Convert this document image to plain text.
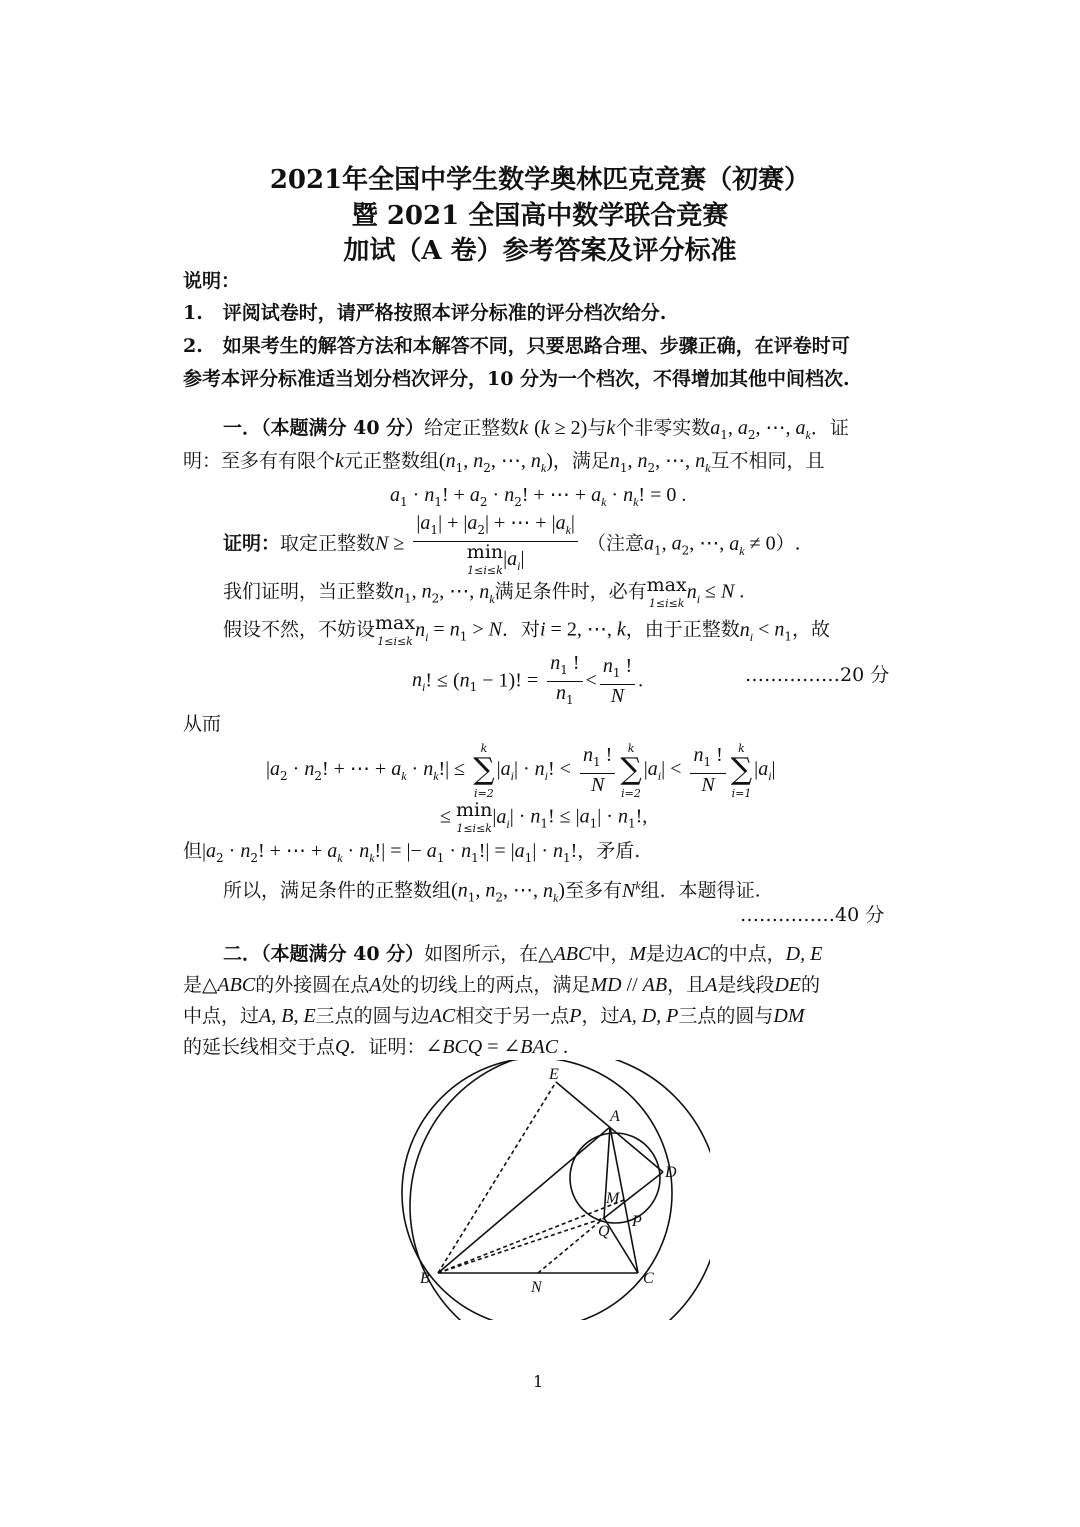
2021年全国中学生数学奥林匹克竞赛（初赛）
暨 2021 全国高中数学联合竞赛
加试（A 卷）参考答案及评分标准
说明：
1. 评阅试卷时，请严格按照本评分标准的评分档次给分.
2. 如果考生的解答方法和本解答不同，只要思路合理、步骤正确，在评卷时可
参考本评分标准适当划分档次评分，10 分为一个档次，不得增加其他中间档次.
一．（本题满分 40 分）给定正整数k (k ≥ 2)与k个非零实数$a_1$, $a_2$, ⋯, $a_k$．证
明：至多有有限个k元正整数组($n_1$, $n_2$, ⋯, $n_k$)，满足$n_1$, $n_2$, ⋯, $n_k$互不相同，且
$a_1 \cdot n_1$! + $a_2 \cdot n_2$! + ⋯ + $a_k \cdot n_k$! = 0 .
证明：取定正整数$N \ge |a_1| + |a_2|$ + ⋯ + $|a_k|$
min
$1\le i\le k|a_i|$ （注意$a_1$, $a_2$, ⋯, $a_k \ne 0$）.
我们证明，当正整数$n_1$, $n_2$, ⋯, $n_k$满足条件时，必有 max
$1\le i\le kn_i \le N$ .
假设不然，不妨设 max
$1\le i\le kn_i = n_1 > N$．对i = 2, ⋯, k，由于正整数$n_i < n_1$，故
$n_i$! ≤ $(n_1 - 1)$! = $\frac{n_1 !}{n_1} < \frac{n_1 !}{N}$ .	……………20 分
从而
$|a_2 \cdot n_2$! + ⋯ + $a_k \cdot n_k!| \le k$
∑
$i=2|a_i| \cdot n_i$! < $\frac{n_1 !}{N}$ k
∑
$i=2|a_i| < \frac{n_1 !}{N}$ k
∑
$i=1|a_i|$
≤ min
$1\le i\le k|a_i| \cdot n_1$! ≤ $|a_1| \cdot n_1$!,
但$|a_2 \cdot n_2$! + ⋯ + $a_k \cdot n_k!|$ = |− $a_1 \cdot n_1!| = |a_1| \cdot n_1$!，矛盾.
所以，满足条件的正整数组($n_1$, $n_2$, ⋯, $n_k$)至多有$N^k$组．本题得证.
……………40 分
二．（本题满分 40 分）如图所示，在△ABC中，M是边AC的中点，D, E
是△ABC的外接圆在点A处的切线上的两点，满足MD // AB，且A是线段DE的
中点，过A, B, E三点的圆与边AC相交于另一点P，过A, D, P三点的圆与DM
的延长线相交于点Q．证明：∠BCQ = ∠BAC .
E
A
D
M
Q
P
B
N
C
1
